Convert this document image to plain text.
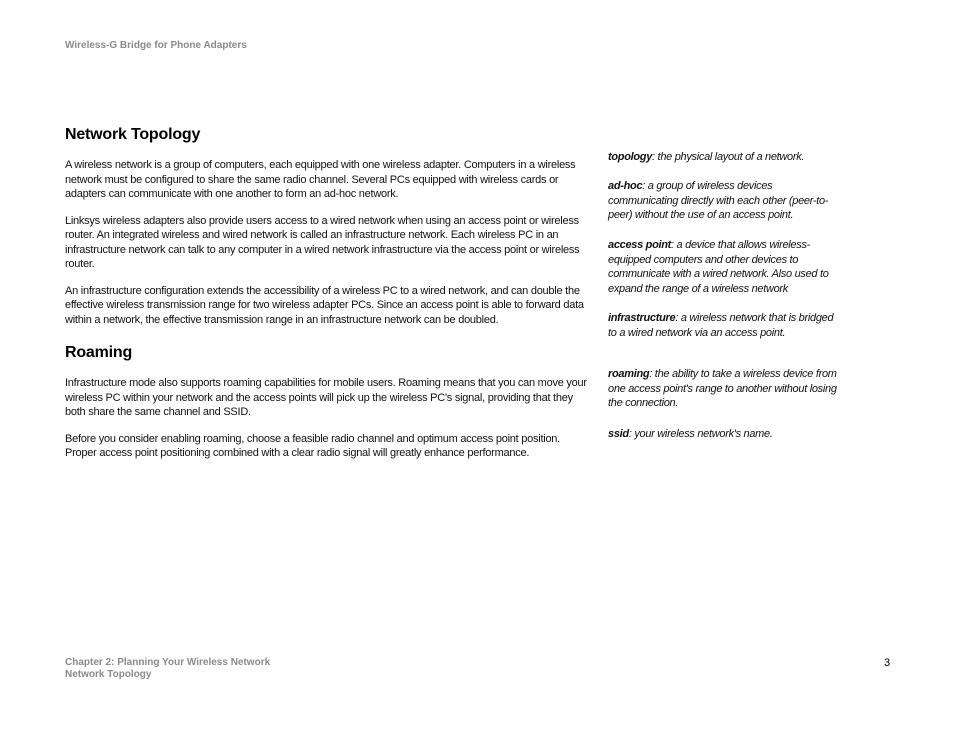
Wireless-G Bridge for Phone Adapters
Network Topology

A wireless network is a group of computers, each equipped with one wireless adapter. Computers in a wireless network must be configured to share the same radio channel. Several PCs equipped with wireless cards or adapters can communicate with one another to form an ad-hoc network.

Linksys wireless adapters also provide users access to a wired network when using an access point or wireless router. An integrated wireless and wired network is called an infrastructure network. Each wireless PC in an infrastructure network can talk to any computer in a wired network infrastructure via the access point or wireless router.

An infrastructure configuration extends the accessibility of a wireless PC to a wired network, and can double the effective wireless transmission range for two wireless adapter PCs. Since an access point is able to forward data within a network, the effective transmission range in an infrastructure network can be doubled.

Roaming

Infrastructure mode also supports roaming capabilities for mobile users. Roaming means that you can move your wireless PC within your network and the access points will pick up the wireless PC's signal, providing that they both share the same channel and SSID.

Before you consider enabling roaming, choose a feasible radio channel and optimum access point position. Proper access point positioning combined with a clear radio signal will greatly enhance performance.

topology: the physical layout of a network.

ad-hoc: a group of wireless devices communicating directly with each other (peer-to-peer) without the use of an access point.

access point: a device that allows wireless-equipped computers and other devices to communicate with a wired network. Also used to expand the range of a wireless network

infrastructure: a wireless network that is bridged to a wired network via an access point.

roaming: the ability to take a wireless device from one access point's range to another without losing the connection.

ssid: your wireless network's name.

Chapter 2: Planning Your Wireless Network
Network Topology
3
